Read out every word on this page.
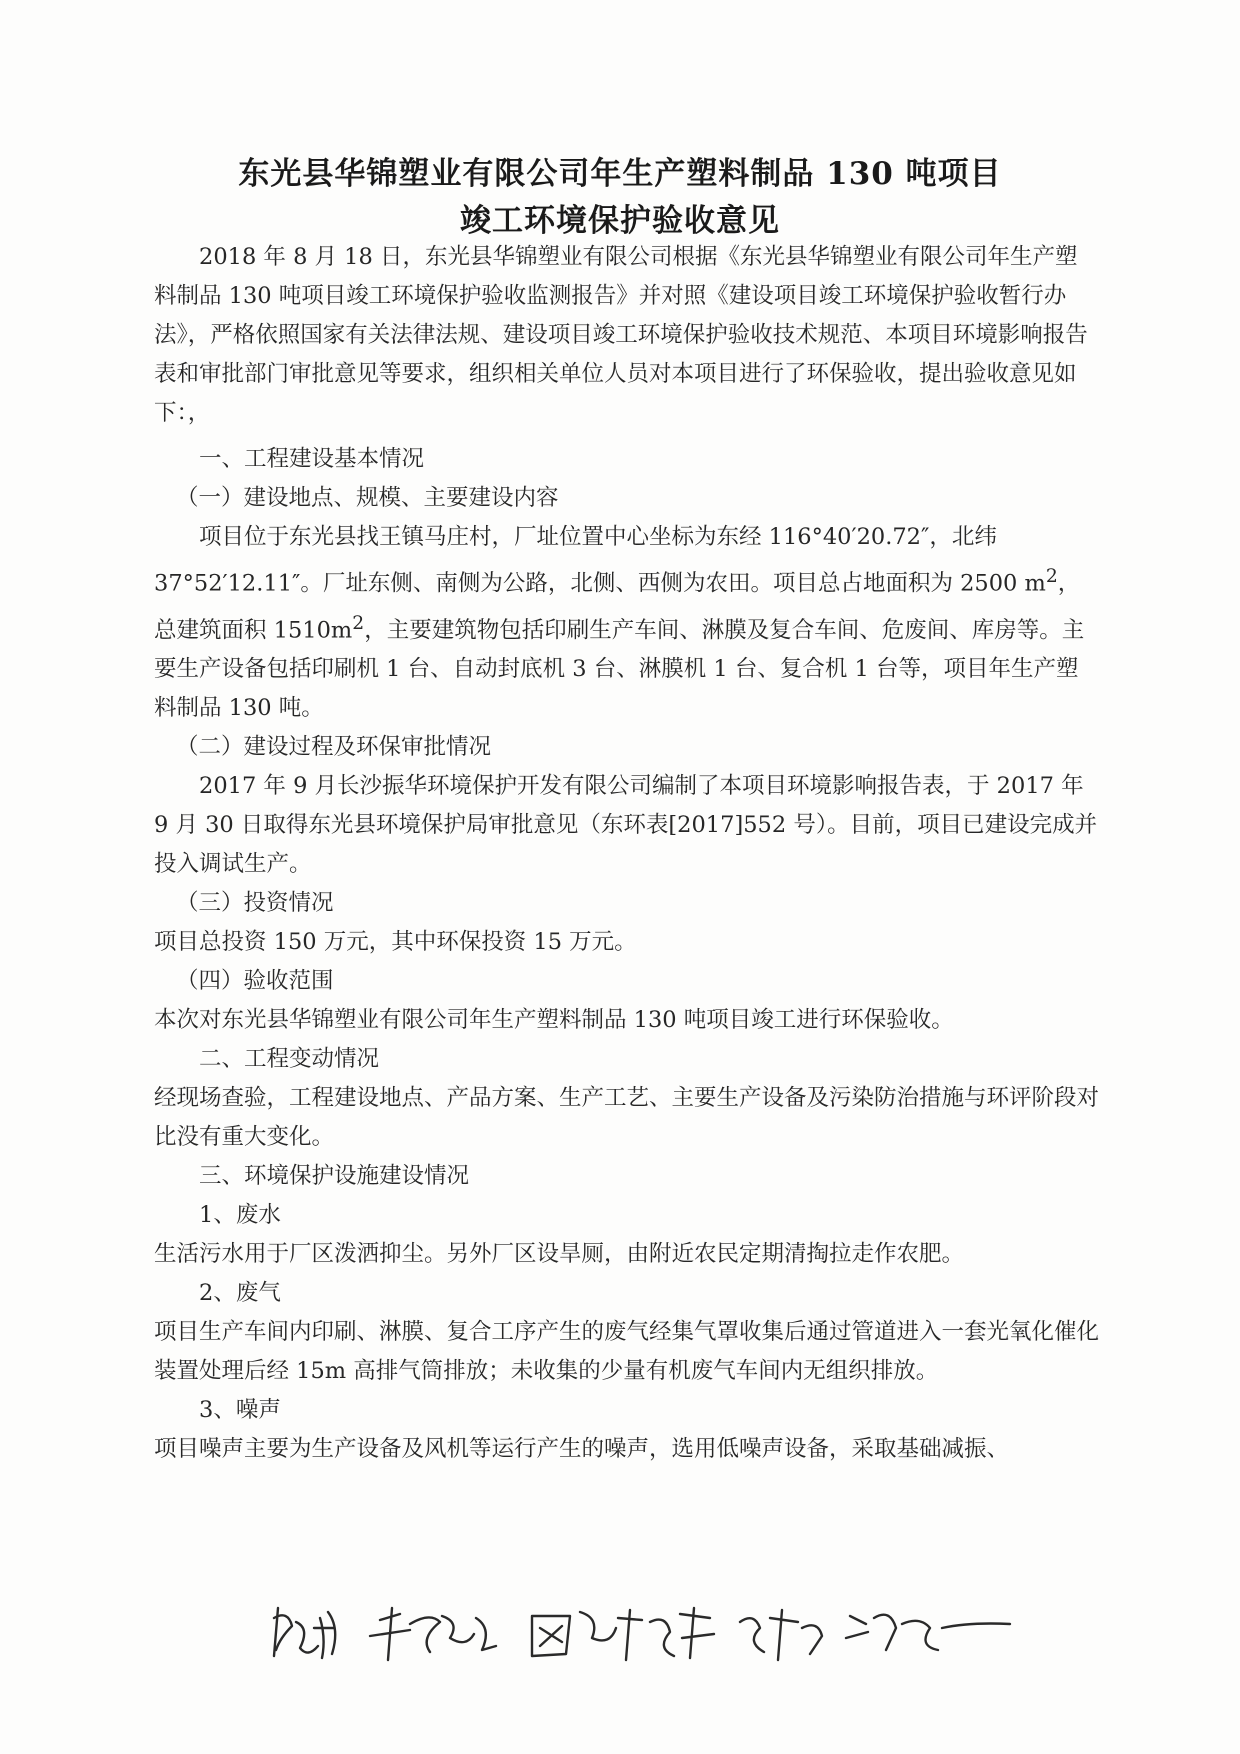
东光县华锦塑业有限公司年生产塑料制品 130 吨项目
竣工环境保护验收意见

2018 年 8 月 18 日，东光县华锦塑业有限公司根据《东光县华锦塑业有限公司年生产塑料制品 130 吨项目竣工环境保护验收监测报告》并对照《建设项目竣工环境保护验收暂行办法》，严格依照国家有关法律法规、建设项目竣工环境保护验收技术规范、本项目环境影响报告表和审批部门审批意见等要求，组织相关单位人员对本项目进行了环保验收，提出验收意见如下：，

一、工程建设基本情况

（一）建设地点、规模、主要建设内容

项目位于东光县找王镇马庄村，厂址位置中心坐标为东经 116°40′20.72″，北纬 37°52′12.11″。厂址东侧、南侧为公路，北侧、西侧为农田。项目总占地面积为 2500 $m^2$，总建筑面积 $1510m^2$，主要建筑物包括印刷生产车间、淋膜及复合车间、危废间、库房等。主要生产设备包括印刷机 1 台、自动封底机 3 台、淋膜机 1 台、复合机 1 台等，项目年生产塑料制品 130 吨。

（二）建设过程及环保审批情况

2017 年 9 月长沙振华环境保护开发有限公司编制了本项目环境影响报告表，于 2017 年 9 月 30 日取得东光县环境保护局审批意见（东环表[2017]552 号）。目前，项目已建设完成并投入调试生产。

（三）投资情况

项目总投资 150 万元，其中环保投资 15 万元。

（四）验收范围

本次对东光县华锦塑业有限公司年生产塑料制品 130 吨项目竣工进行环保验收。

二、工程变动情况

经现场查验，工程建设地点、产品方案、生产工艺、主要生产设备及污染防治措施与环评阶段对比没有重大变化。

三、环境保护设施建设情况

1、废水

生活污水用于厂区泼洒抑尘。另外厂区设旱厕，由附近农民定期清掏拉走作农肥。

2、废气

项目生产车间内印刷、淋膜、复合工序产生的废气经集气罩收集后通过管道进入一套光氧化催化装置处理后经 15m 高排气筒排放；未收集的少量有机废气车间内无组织排放。

3、噪声

项目噪声主要为生产设备及风机等运行产生的噪声，选用低噪声设备，采取基础减振、
